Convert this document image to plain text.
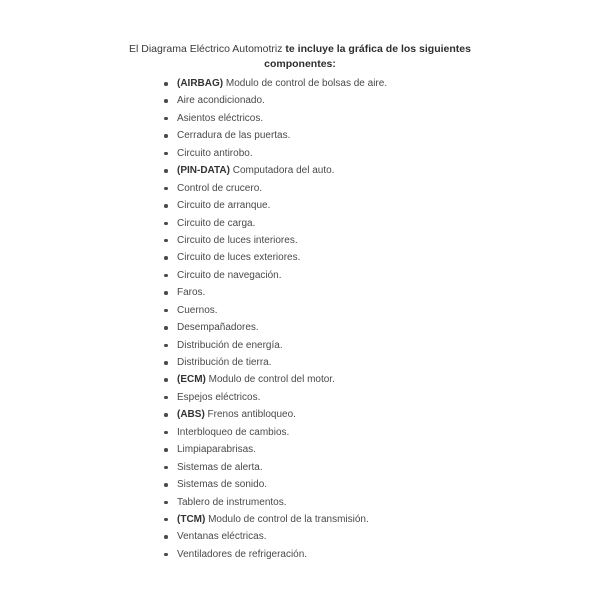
El Diagrama Eléctrico Automotriz te incluye la gráfica de los siguientes
componentes:
(AIRBAG) Modulo de control de bolsas de aire.
Aire acondicionado.
Asientos eléctricos.
Cerradura de las puertas.
Circuito antirobo.
(PIN-DATA) Computadora del auto.
Control de crucero.
Circuito de arranque.
Circuito de carga.
Circuito de luces interiores.
Circuito de luces exteriores.
Circuito de navegación.
Faros.
Cuernos.
Desempañadores.
Distribución de energía.
Distribución de tierra.
(ECM) Modulo de control del motor.
Espejos eléctricos.
(ABS) Frenos antibloqueo.
Interbloqueo de cambios.
Limpiaparabrisas.
Sistemas de alerta.
Sistemas de sonido.
Tablero de instrumentos.
(TCM) Modulo de control de la transmisión.
Ventanas eléctricas.
Ventiladores de refrigeración.
